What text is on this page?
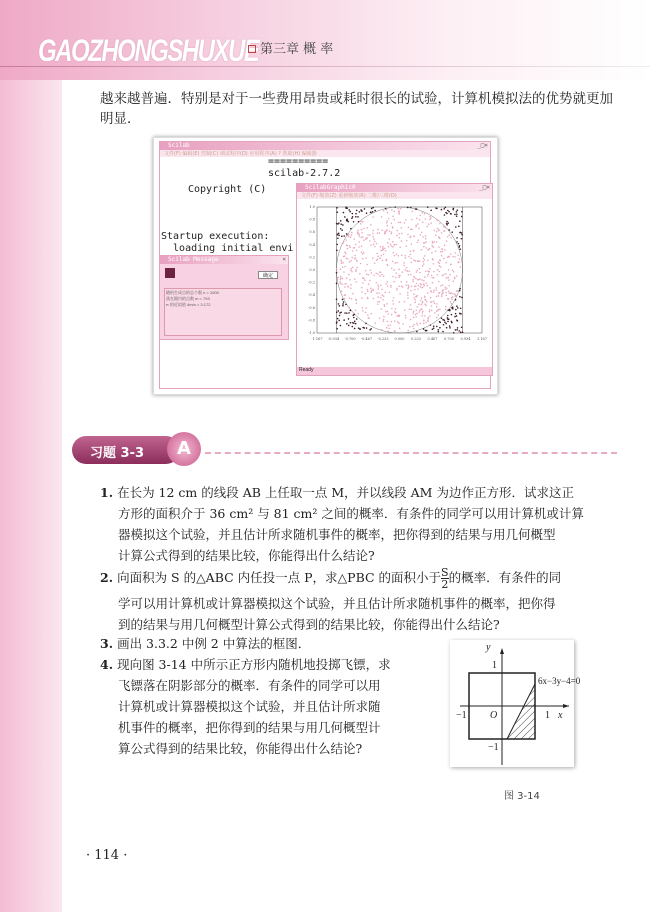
GAOZHONGSHUXUE 第三章 概 率
越来越普遍．特别是对于一些费用昂贵或耗时很长的试验，计算机模拟法的优势就更加
明显．
Scilab	_□×
文件(F) 编辑(E) 控制(C) 调试程序(D) 应用程序(A) ? 帮助(H) 编辑器
==========
scilab-2.7.2
Copyright (C)
Startup execution:
loading initial envi
ScilabGraphic0	_□×
文件(F) 缩放(Z) 重新缩放(R) 二维/三维(D)
-1.167 -0.934 -0.700 -0.467 -0.233 0.000 0.233 0.467 0.700 0.934 1.167
1.0
0.8
0.6
0.4
0.2
0.0
-0.2
-0.4
-0.6
-0.8
-1.0
Ready
Scilab Message	×
确定
随机生成点的总个数 n = 1000
落在圆内的点数 m = 793
π 的近似值 4m/n = 3.172
习题 3-3	A
1. 在长为 12 cm 的线段 AB 上任取一点 M，并以线段 AM 为边作正方形．试求这正
方形的面积介于 36 cm² 与 81 cm² 之间的概率．有条件的同学可以用计算机或计算
器模拟这个试验，并且估计所求随机事件的概率，把你得到的结果与用几何概型
计算公式得到的结果比较，你能得出什么结论?
2. 向面积为 S 的△ABC 内任投一点 P，求△PBC 的面积小于 $\frac{S}{2}$ 的概率．有条件的同
学可以用计算机或计算器模拟这个试验，并且估计所求随机事件的概率，把你得
到的结果与用几何概型计算公式得到的结果比较，你能得出什么结论?
3. 画出 3.3.2 中例 2 中算法的框图．
4. 现向图 3-14 中所示正方形内随机地投掷飞镖，求
飞镖落在阴影部分的概率．有条件的同学可以用
计算机或计算器模拟这个试验，并且估计所求随
机事件的概率，把你得到的结果与用几何概型计
算公式得到的结果比较，你能得出什么结论?
y
1
−1
−1	1 x
O
6x−3y−4=0
图 3-14
· 114 ·
